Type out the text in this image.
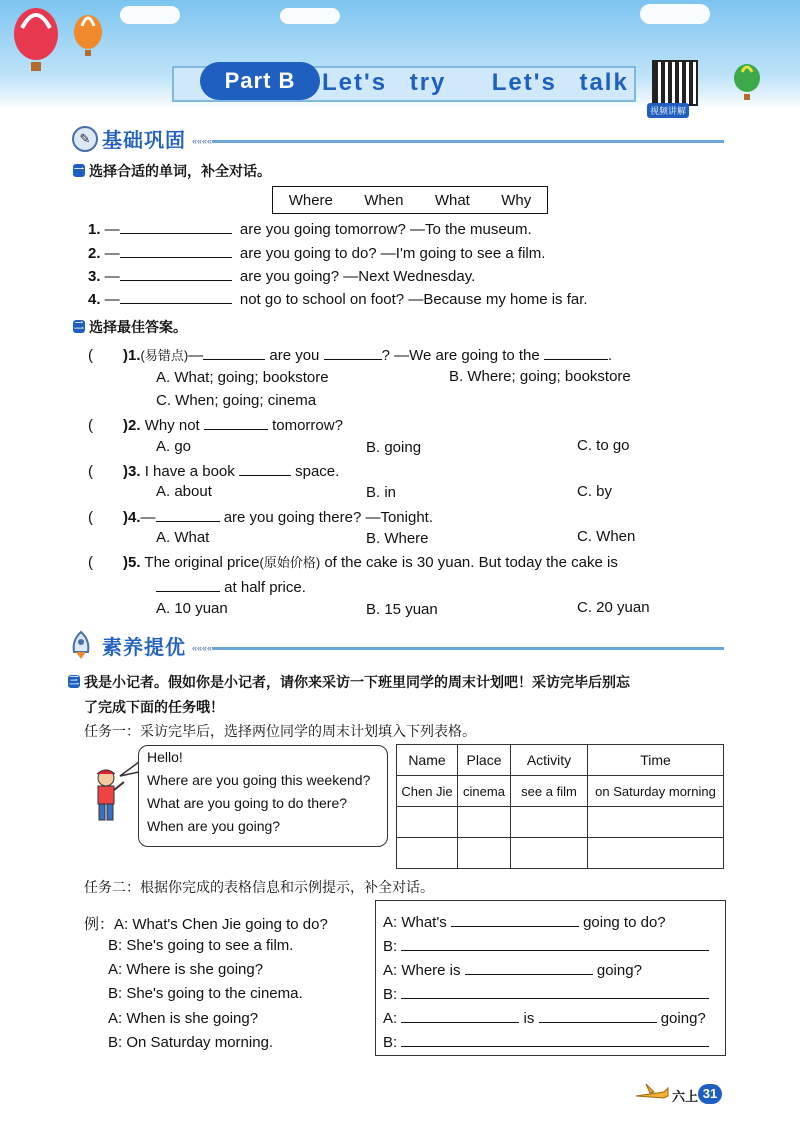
Part B	Let's try  Let's talk
视频讲解
✎ 基础巩固 ««««
一 选择合适的单词，补全对话。
Where When What Why
1. —	are you going tomorrow? —To the museum.
2. —	are you going to do? —I'm going to see a film.
3. —	are you going? —Next Wednesday.
4. —	not go to school on foot? —Because my home is far.
二 选择最佳答案。
( )1.(易错点)—	are you	? —We are going to the	.
A. What; going; bookstore	B. Where; going; bookstore
C. When; going; cinema
( )2. Why not	tomorrow?
A. go	B. going	C. to go
( )3. I have a book	space.
A. about	B. in	C. by
( )4.—	are you going there? —Tonight.
A. What	B. Where	C. When
( )5. The original price(原始价格) of the cake is 30 yuan. But today the cake is
at half price.
A. 10 yuan	B. 15 yuan	C. 20 yuan
素养提优 ««««
三 我是小记者。假如你是小记者，请你来采访一下班里同学的周末计划吧！采访完毕后别忘
了完成下面的任务哦！
任务一：采访完毕后，选择两位同学的周末计划填入下列表格。
Hello!
Where are you going this weekend?
What are you going to do there?
When are you going?
Name	Place	Activity	Time
Chen Jie	cinema	see a film	on Saturday morning

任务二：根据你完成的表格信息和示例提示，补全对话。
例：A: What's Chen Jie going to do?
B: She's going to see a film.
A: Where is she going?
B: She's going to the cinema.
A: When is she going?
B: On Saturday morning.
A: What's	going to do?
B:
A: Where is	going?
B:
A:	is	going?
B:
六上 31
